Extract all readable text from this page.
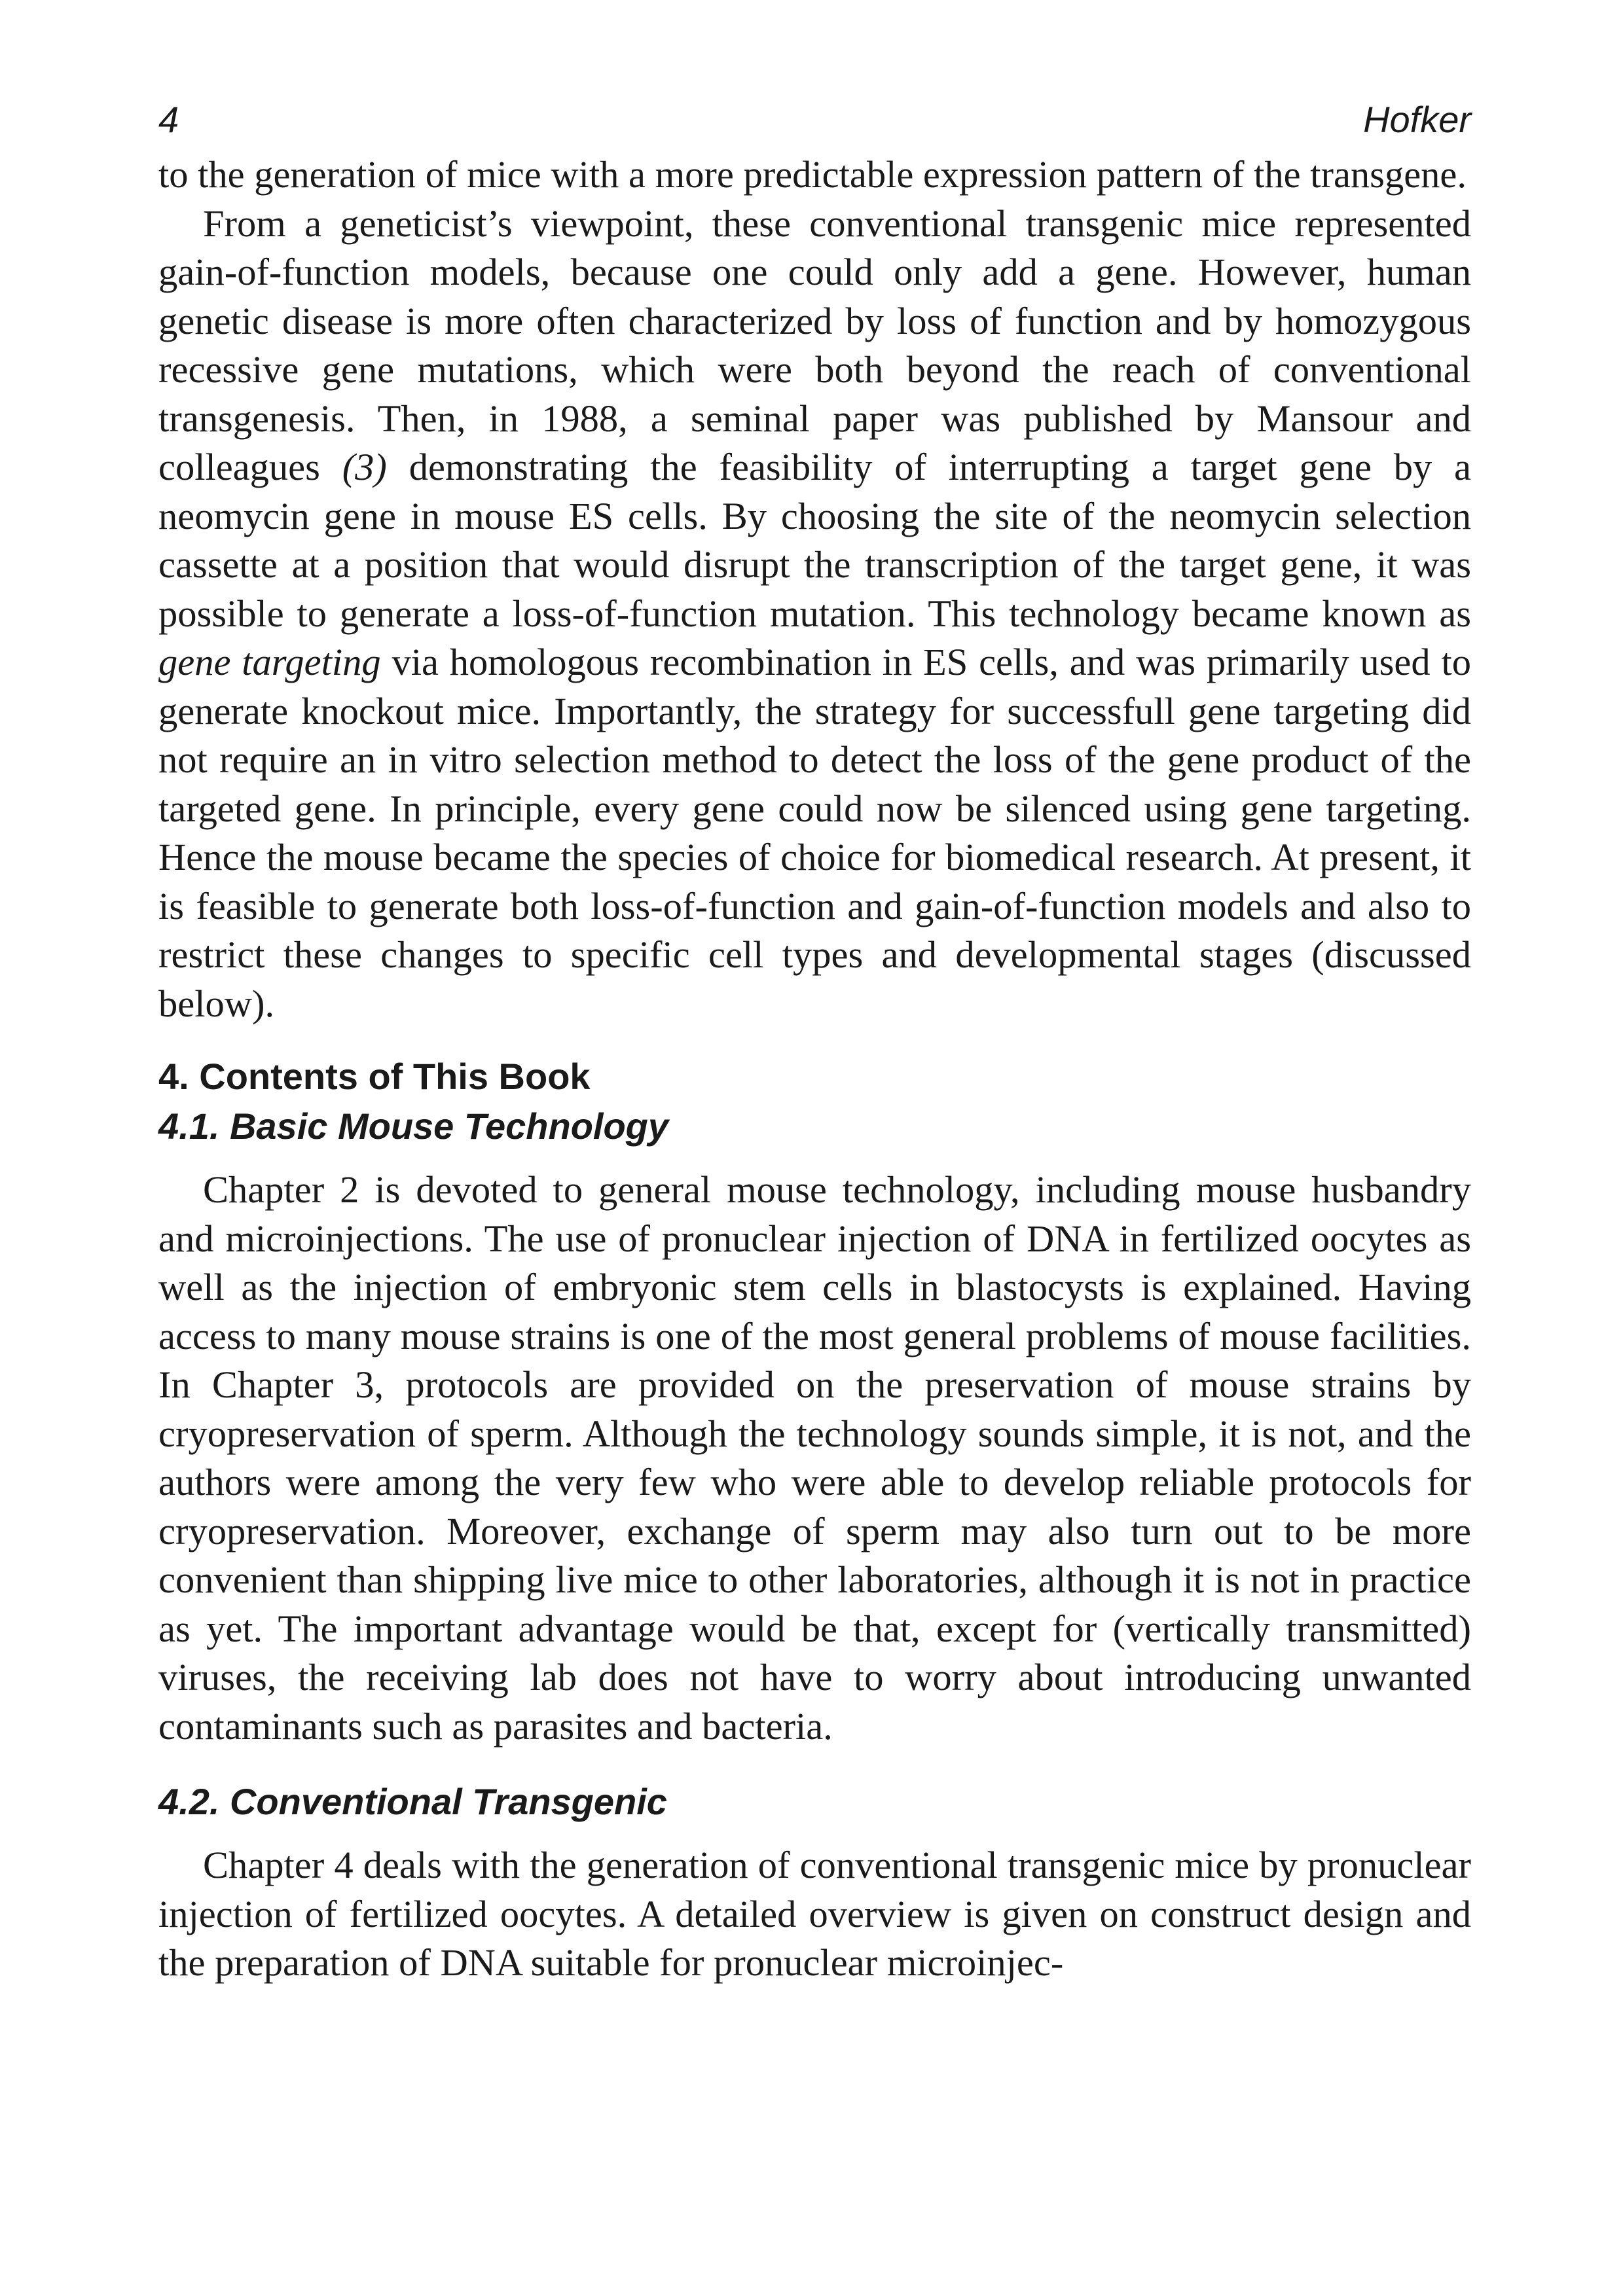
4	Hofker

to the generation of mice with a more predictable expression pattern of the transgene.

From a geneticist’s viewpoint, these conventional transgenic mice represented gain-of-function models, because one could only add a gene. However, human genetic disease is more often characterized by loss of function and by homozygous recessive gene mutations, which were both beyond the reach of conventional transgenesis. Then, in 1988, a seminal paper was published by Mansour and colleagues (3) demonstrating the feasibility of interrupting a target gene by a neomycin gene in mouse ES cells. By choosing the site of the neomycin selection cassette at a position that would disrupt the transcription of the target gene, it was possible to generate a loss-of-function mutation. This technology became known as gene targeting via homologous recombination in ES cells, and was primarily used to generate knockout mice. Importantly, the strategy for successfull gene targeting did not require an in vitro selection method to detect the loss of the gene product of the targeted gene. In principle, every gene could now be silenced using gene targeting. Hence the mouse became the species of choice for biomedical research. At present, it is feasible to generate both loss-of-function and gain-of-function models and also to restrict these changes to specific cell types and developmental stages (discussed below).

4. Contents of This Book
4.1. Basic Mouse Technology

Chapter 2 is devoted to general mouse technology, including mouse husbandry and microinjections. The use of pronuclear injection of DNA in fertilized oocytes as well as the injection of embryonic stem cells in blastocysts is explained. Having access to many mouse strains is one of the most general problems of mouse facilities. In Chapter 3, protocols are provided on the preservation of mouse strains by cryopreservation of sperm. Although the technology sounds simple, it is not, and the authors were among the very few who were able to develop reliable protocols for cryopreservation. Moreover, exchange of sperm may also turn out to be more convenient than shipping live mice to other laboratories, although it is not in practice as yet. The important advantage would be that, except for (vertically transmitted) viruses, the receiving lab does not have to worry about introducing unwanted contaminants such as parasites and bacteria.

4.2. Conventional Transgenic

Chapter 4 deals with the generation of conventional transgenic mice by pronuclear injection of fertilized oocytes. A detailed overview is given on construct design and the preparation of DNA suitable for pronuclear microinjec-
